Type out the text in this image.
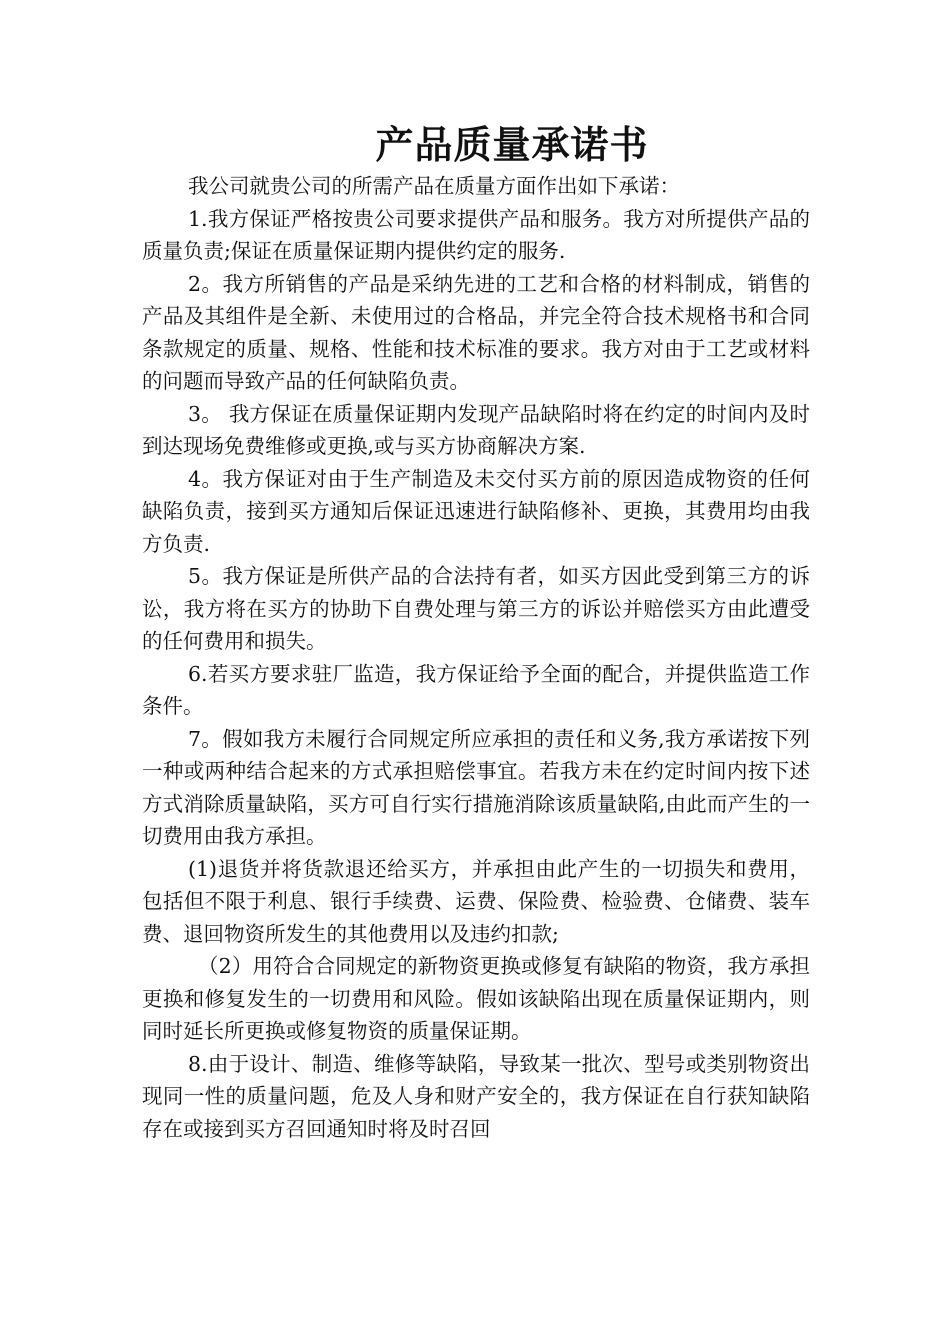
产品质量承诺书

我公司就贵公司的所需产品在质量方面作出如下承诺：

1.我方保证严格按贵公司要求提供产品和服务。我方对所提供产品的质量负责;保证在质量保证期内提供约定的服务.

2。我方所销售的产品是采纳先进的工艺和合格的材料制成，销售的产品及其组件是全新、未使用过的合格品，并完全符合技术规格书和合同条款规定的质量、规格、性能和技术标准的要求。我方对由于工艺或材料的问题而导致产品的任何缺陷负责。

3。 我方保证在质量保证期内发现产品缺陷时将在约定的时间内及时到达现场免费维修或更换,或与买方协商解决方案.

4。我方保证对由于生产制造及未交付买方前的原因造成物资的任何缺陷负责，接到买方通知后保证迅速进行缺陷修补、更换，其费用均由我方负责.

5。我方保证是所供产品的合法持有者，如买方因此受到第三方的诉讼，我方将在买方的协助下自费处理与第三方的诉讼并赔偿买方由此遭受的任何费用和损失。

6.若买方要求驻厂监造，我方保证给予全面的配合，并提供监造工作条件。

7。假如我方未履行合同规定所应承担的责任和义务,我方承诺按下列一种或两种结合起来的方式承担赔偿事宜。若我方未在约定时间内按下述方式消除质量缺陷，买方可自行实行措施消除该质量缺陷,由此而产生的一切费用由我方承担。

(1)退货并将货款退还给买方，并承担由此产生的一切损失和费用，包括但不限于利息、银行手续费、运费、保险费、检验费、仓储费、装车费、退回物资所发生的其他费用以及违约扣款;

（2）用符合合同规定的新物资更换或修复有缺陷的物资，我方承担更换和修复发生的一切费用和风险。假如该缺陷出现在质量保证期内，则同时延长所更换或修复物资的质量保证期。

8.由于设计、制造、维修等缺陷，导致某一批次、型号或类别物资出现同一性的质量问题，危及人身和财产安全的，我方保证在自行获知缺陷存在或接到买方召回通知时将及时召回
